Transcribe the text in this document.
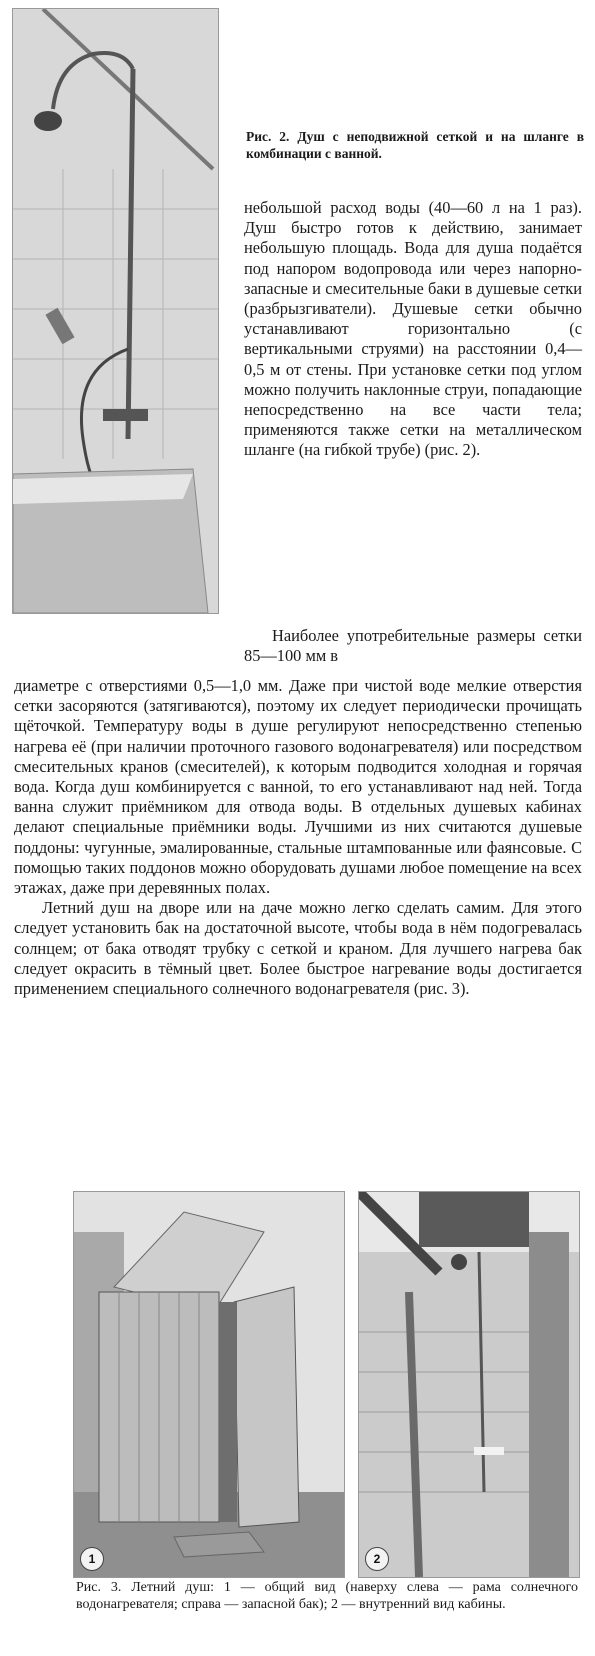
Рис. 2. Душ с неподвижной сеткой и на шланге в комбинации с ванной.

небольшой расход воды (40—60 л на 1 раз). Душ быстро готов к действию, занимает небольшую площадь. Вода для душа подаётся под напором водопровода или через напорно-запасные и смесительные баки в душевые сетки (разбрызгиватели). Душевые сетки обычно устанавливают горизонтально (с вертикальными струями) на расстоянии 0,4—0,5 м от стены. При установке сетки под углом можно получить наклонные струи, попадающие непосредственно на все части тела; применяются также сетки на металлическом шланге (на гибкой трубе) (рис. 2).

Наиболее употребительные размеры сетки 85—100 мм в

диаметре с отверстиями 0,5—1,0 мм. Даже при чистой воде мелкие отверстия сетки засоряются (затягиваются), поэтому их следует периодически прочищать щёточкой. Температуру воды в душе регулируют непосредственно степенью нагрева её (при наличии проточного газового водонагревателя) или посредством смесительных кранов (смесителей), к которым подводится холодная и горячая вода. Когда душ комбинируется с ванной, то его устанавливают над ней. Тогда ванна служит приёмником для отвода воды. В отдельных душевых кабинах делают специальные приёмники воды. Лучшими из них считаются душевые поддоны: чугунные, эмалированные, стальные штампованные или фаянсовые. С помощью таких поддонов можно оборудовать душами любое помещение на всех этажах, даже при деревянных полах.

Летний душ на дворе или на даче можно легко сделать самим. Для этого следует установить бак на достаточной высоте, чтобы вода в нём подогревалась солнцем; от бака отводят трубку с сеткой и краном. Для лучшего нагрева бак следует окрасить в тёмный цвет. Более быстрое нагревание воды достигается применением специального солнечного водонагревателя (рис. 3).

1	2
Рис. 3. Летний душ: 1 — общий вид (наверху слева — рама солнечного водонагревателя; справа — запасной бак); 2 — внутренний вид кабины.
